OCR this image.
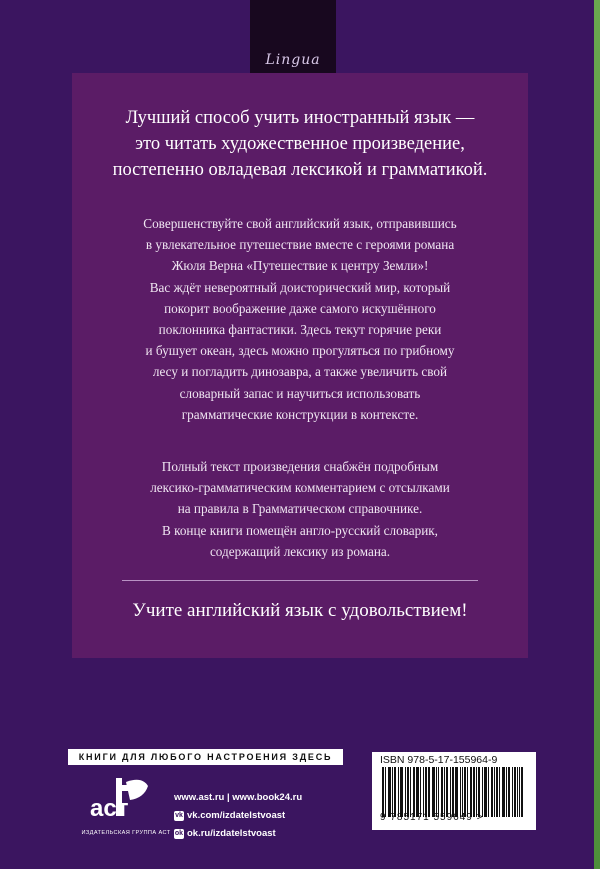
Lingua
Лучший способ учить иностранный язык —
это читать художественное произведение,
постепенно овладевая лексикой и грамматикой.
Совершенствуйте свой английский язык, отправившись
в увлекательное путешествие вместе с героями романа
Жюля Верна «Путешествие к центру Земли»!
Вас ждёт невероятный доисторический мир, который
покорит воображение даже самого искушённого
поклонника фантастики. Здесь текут горячие реки
и бушует океан, здесь можно прогуляться по грибному
лесу и погладить динозавра, а также увеличить свой
словарный запас и научиться использовать
грамматические конструкции в контексте.
Полный текст произведения снабжён подробным
лексико-грамматическим комментарием с отсылками
на правила в Грамматическом справочнике.
В конце книги помещён англо-русский словарик,
содержащий лексику из романа.
Учите английский язык с удовольствием!
КНИГИ ДЛЯ ЛЮБОГО НАСТРОЕНИЯ ЗДЕСЬ
аст
ИЗДАТЕЛЬСКАЯ ГРУППА АСТ
www.ast.ru | www.book24.ru
vk vk.com/izdatelstvoast
ok ok.ru/izdatelstvoast
ISBN 978-5-17-155964-9
9 785171 559649 >
